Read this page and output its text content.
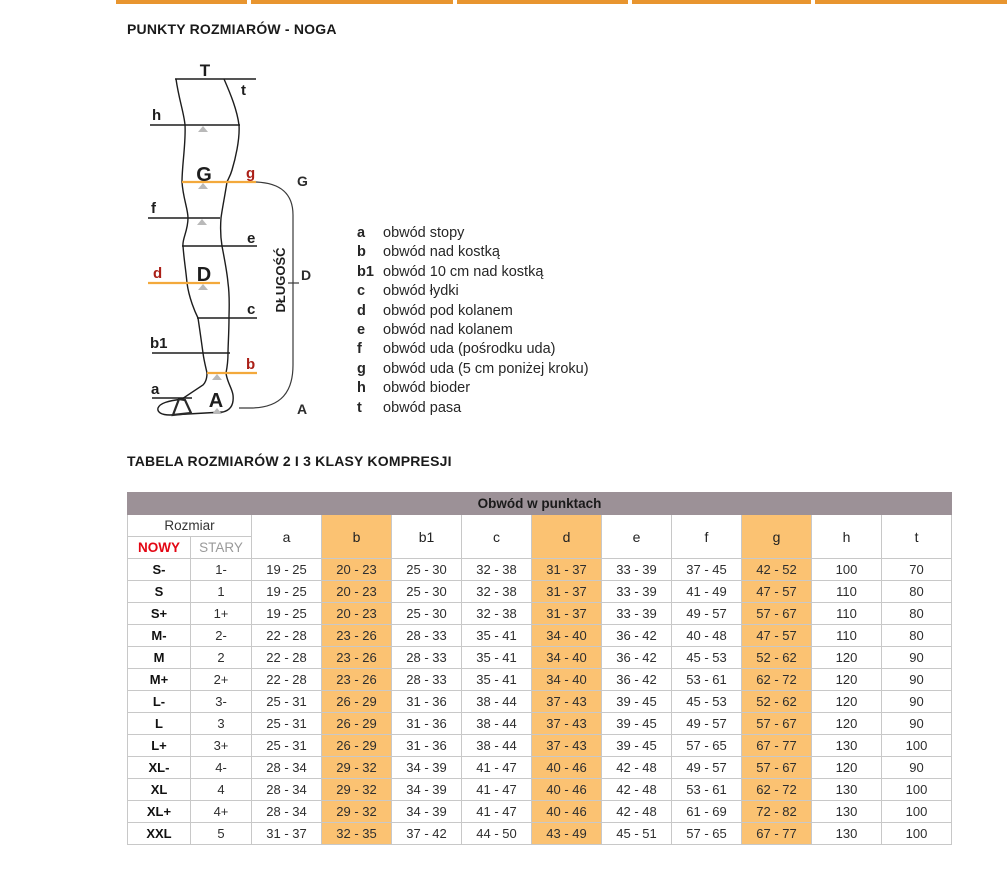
PUNKTY ROZMIARÓW - NOGA
T
t
h
G g
f
e
D
d
c
b1
b
a
A
G
D
A
DŁUGOŚĆ
a	obwód stopy
b	obwód nad kostką
b1 obwód 10 cm nad kostką
c	obwód łydki
d	obwód pod kolanem
e	obwód nad kolanem
f	obwód uda (pośrodku uda)
g	obwód uda (5 cm poniżej kroku)
h	obwód bioder
t	obwód pasa
TABELA ROZMIARÓW 2 I 3 KLASY KOMPRESJI
Obwód w punktach											
Rozmiar		a	b	b1	c	d	e	f	g	h	t
NOWY	STARY										
S-	1-	19 - 25	20 - 23	25 - 30	32 - 38	31 - 37	33 - 39	37 - 45	42 - 52	100	70
S	1	19 - 25	20 - 23	25 - 30	32 - 38	31 - 37	33 - 39	41 - 49	47 - 57	110	80
S+	1+	19 - 25	20 - 23	25 - 30	32 - 38	31 - 37	33 - 39	49 - 57	57 - 67	110	80
M-	2-	22 - 28	23 - 26	28 - 33	35 - 41	34 - 40	36 - 42	40 - 48	47 - 57	110	80
M	2	22 - 28	23 - 26	28 - 33	35 - 41	34 - 40	36 - 42	45 - 53	52 - 62	120	90
M+	2+	22 - 28	23 - 26	28 - 33	35 - 41	34 - 40	36 - 42	53 - 61	62 - 72	120	90
L-	3-	25 - 31	26 - 29	31 - 36	38 - 44	37 - 43	39 - 45	45 - 53	52 - 62	120	90
L	3	25 - 31	26 - 29	31 - 36	38 - 44	37 - 43	39 - 45	49 - 57	57 - 67	120	90
L+	3+	25 - 31	26 - 29	31 - 36	38 - 44	37 - 43	39 - 45	57 - 65	67 - 77	130	100
XL-	4-	28 - 34	29 - 32	34 - 39	41 - 47	40 - 46	42 - 48	49 - 57	57 - 67	120	90
XL	4	28 - 34	29 - 32	34 - 39	41 - 47	40 - 46	42 - 48	53 - 61	62 - 72	130	100
XL+	4+	28 - 34	29 - 32	34 - 39	41 - 47	40 - 46	42 - 48	61 - 69	72 - 82	130	100
XXL	5	31 - 37	32 - 35	37 - 42	44 - 50	43 - 49	45 - 51	57 - 65	67 - 77	130	100
